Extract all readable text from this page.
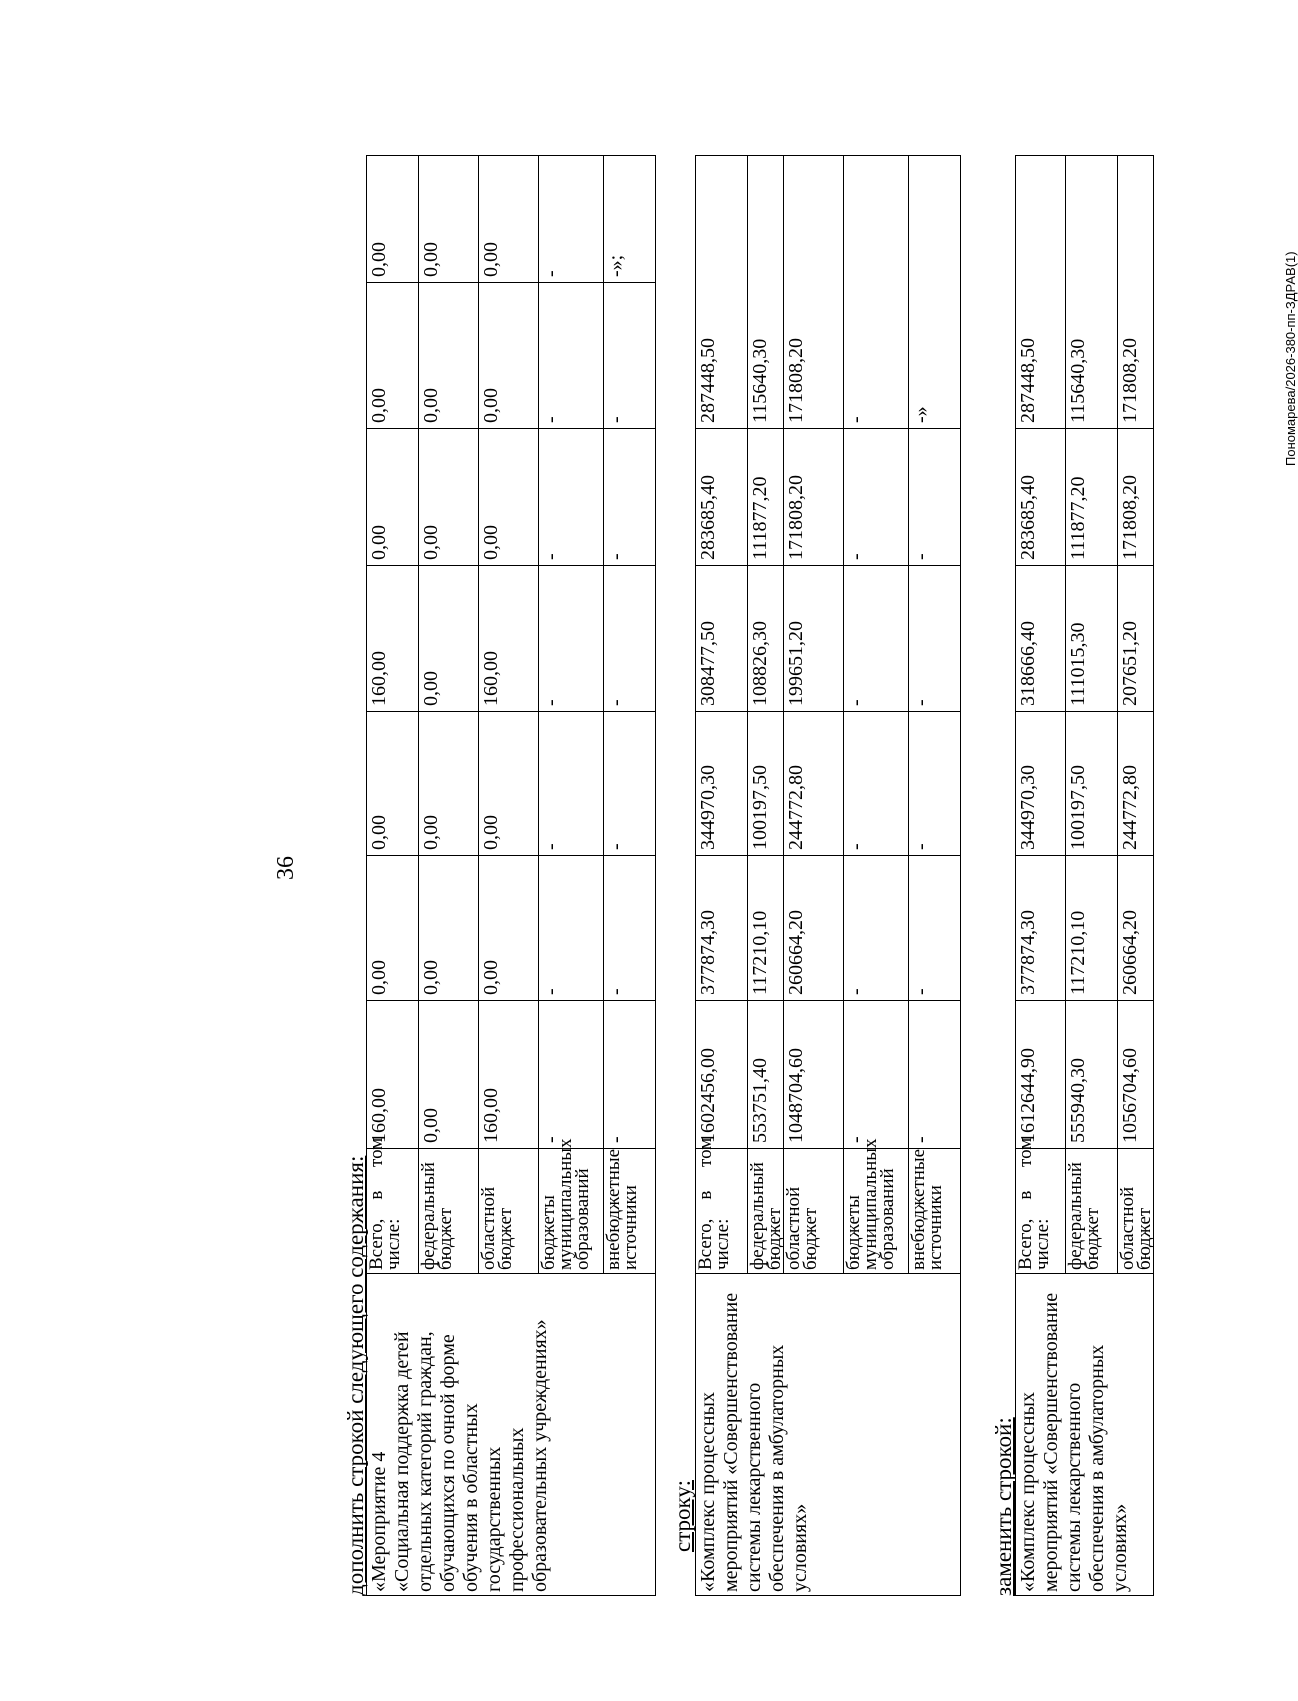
36
дополнить строкой следующего содержания:	строку:	заменить строкой:
«Мероприятие 4
«Социальная поддержка детей отдельных категорий граждан, обучающихся по очной форме обучения в областных государственных профессиональных образовательных учреждениях»	Всего,    в     том числе:	160,00	0,00	0,00	160,00	0,00	0,00	0,00
	федеральный бюджет	0,00	0,00	0,00	0,00	0,00	0,00	0,00
	областной бюджет	160,00	0,00	0,00	160,00	0,00	0,00	0,00
	бюджеты муниципальных образований	-	-	-	-	-	-	-
	внебюджетные источники	-	-	-	-	-	-	-»;
«Комплекс процессных мероприятий «Совершенствование системы лекарственного обеспечения в амбулаторных условиях»	Всего,    в     том числе:	1602456,00	377874,30	344970,30	308477,50	283685,40	287448,50
	федеральный бюджет	553751,40	117210,10	100197,50	108826,30	111877,20	115640,30
	областной бюджет	1048704,60	260664,20	244772,80	199651,20	171808,20	171808,20
	бюджеты муниципальных образований	-	-	-	-	-	-
	внебюджетные источники	-	-	-	-	-	-»
«Комплекс процессных мероприятий «Совершенствование системы лекарственного обеспечения в амбулаторных условиях»	Всего,    в     том числе:	1612644,90	377874,30	344970,30	318666,40	283685,40	287448,50
	федеральный бюджет	555940,30	117210,10	100197,50	111015,30	111877,20	115640,30
	областной бюджет	1056704,60	260664,20	244772,80	207651,20	171808,20	171808,20	Пономарева/2026-380-пп-ЗДРАВ(1)
